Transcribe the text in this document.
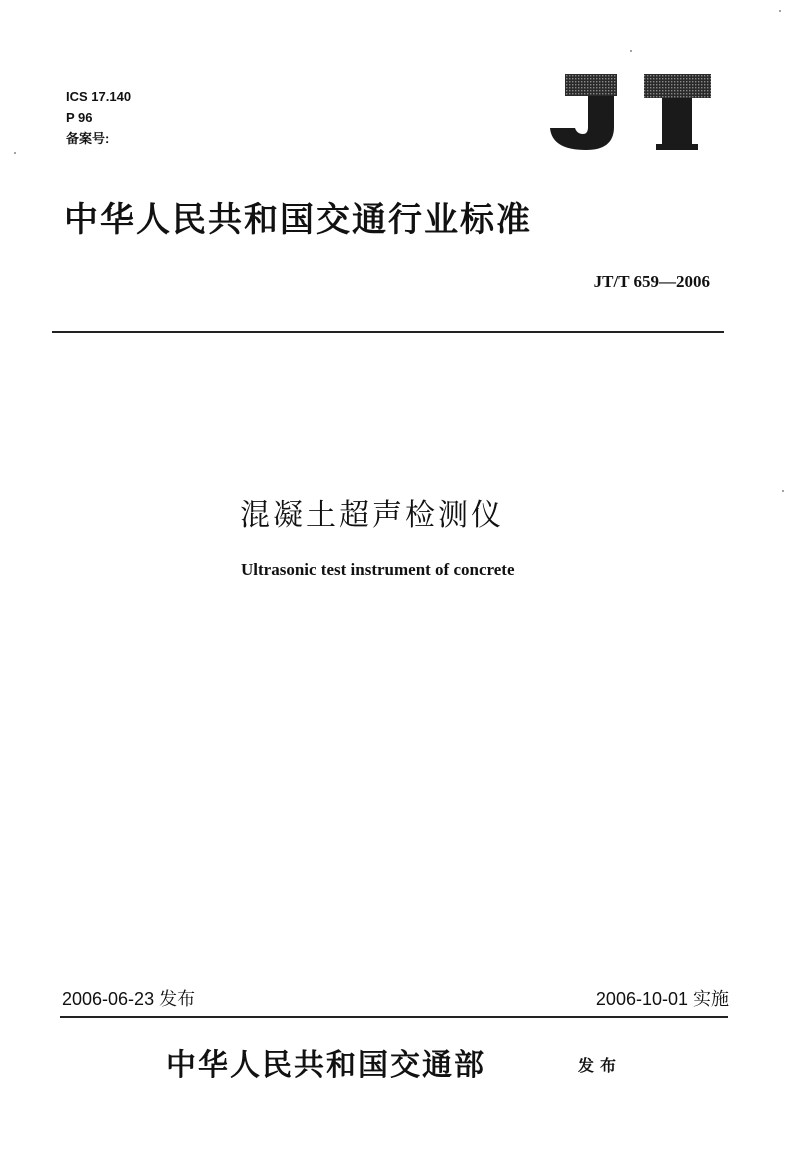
ICS 17.140
P 96
备案号:
中华人民共和国交通行业标准
JT/T 659—2006
混凝土超声检测仪
Ultrasonic test instrument of concrete
2006-06-23 发布	2006-10-01 实施
中华人民共和国交通部	发布
